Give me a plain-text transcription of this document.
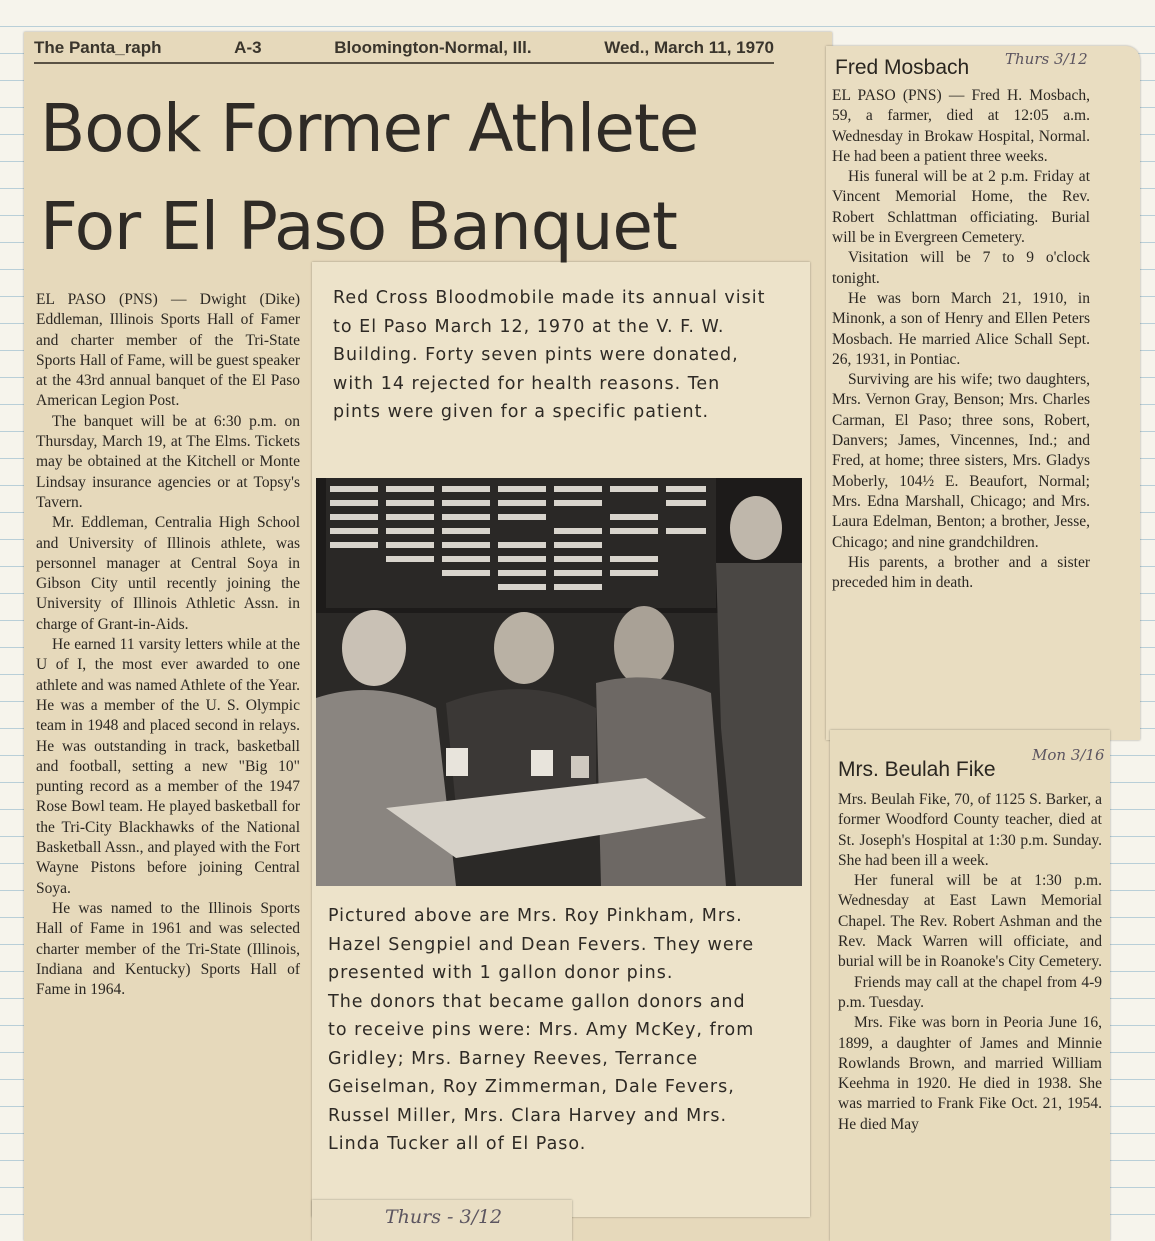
The Panta_raph	A-3	Bloomington-Normal, Ill.	Wed., March 11, 1970
Book Former Athlete
For El Paso Banquet

EL PASO (PNS) — Dwight (Dike) Eddleman, Illinois Sports Hall of Famer and charter member of the Tri-State Sports Hall of Fame, will be guest speaker at the 43rd annual banquet of the El Paso American Legion Post.

The banquet will be at 6:30 p.m. on Thursday, March 19, at The Elms. Tickets may be obtained at the Kitchell or Monte Lindsay insurance agencies or at Topsy's Tavern.

Mr. Eddleman, Centralia High School and University of Illinois athlete, was personnel manager at Central Soya in Gibson City until recently joining the University of Illinois Athletic Assn. in charge of Grant-in-Aids.

He earned 11 varsity letters while at the U of I, the most ever awarded to one athlete and was named Athlete of the Year. He was a member of the U. S. Olympic team in 1948 and placed second in relays. He was outstanding in track, basketball and football, setting a new "Big 10" punting record as a member of the 1947 Rose Bowl team. He played basketball for the Tri-City Blackhawks of the National Basketball Assn., and played with the Fort Wayne Pistons before joining Central Soya.

He was named to the Illinois Sports Hall of Fame in 1961 and was selected charter member of the Tri-State (Illinois, Indiana and Kentucky) Sports Hall of Fame in 1964.

Red Cross Bloodmobile made its annual visit to El Paso March 12, 1970 at the V. F. W. Building. Forty seven pints were donated, with 14 rejected for health reasons. Ten pints were given for a specific patient.

Pictured above are Mrs. Roy Pinkham, Mrs. Hazel Sengpiel and Dean Fevers. They were presented with 1 gallon donor pins.

The donors that became gallon donors and to receive pins were: Mrs. Amy McKey, from Gridley; Mrs. Barney Reeves, Terrance Geiselman, Roy Zimmerman, Dale Fevers, Russel Miller, Mrs. Clara Harvey and Mrs. Linda Tucker all of El Paso.

Thurs - 3/12
Fred Mosbach Thurs 3/12

EL PASO (PNS) — Fred H. Mosbach, 59, a farmer, died at 12:05 a.m. Wednesday in Brokaw Hospital, Normal. He had been a patient three weeks.

His funeral will be at 2 p.m. Friday at Vincent Memorial Home, the Rev. Robert Schlattman officiating. Burial will be in Evergreen Cemetery.

Visitation will be 7 to 9 o'clock tonight.

He was born March 21, 1910, in Minonk, a son of Henry and Ellen Peters Mosbach. He married Alice Schall Sept. 26, 1931, in Pontiac.

Surviving are his wife; two daughters, Mrs. Vernon Gray, Benson; Mrs. Charles Carman, El Paso; three sons, Robert, Danvers; James, Vincennes, Ind.; and Fred, at home; three sisters, Mrs. Gladys Moberly, 104½ E. Beaufort, Normal; Mrs. Edna Marshall, Chicago; and Mrs. Laura Edelman, Benton; a brother, Jesse, Chicago; and nine grandchildren.

His parents, a brother and a sister preceded him in death.

Mrs. Beulah Fike
Mon 3/16

Mrs. Beulah Fike, 70, of 1125 S. Barker, a former Woodford County teacher, died at St. Joseph's Hospital at 1:30 p.m. Sunday. She had been ill a week.

Her funeral will be at 1:30 p.m. Wednesday at East Lawn Memorial Chapel. The Rev. Robert Ashman and the Rev. Mack Warren will officiate, and burial will be in Roanoke's City Cemetery.

Friends may call at the chapel from 4-9 p.m. Tuesday.

Mrs. Fike was born in Peoria June 16, 1899, a daughter of James and Minnie Rowlands Brown, and married William Keehma in 1920. He died in 1938. She was married to Frank Fike Oct. 21, 1954. He died May
